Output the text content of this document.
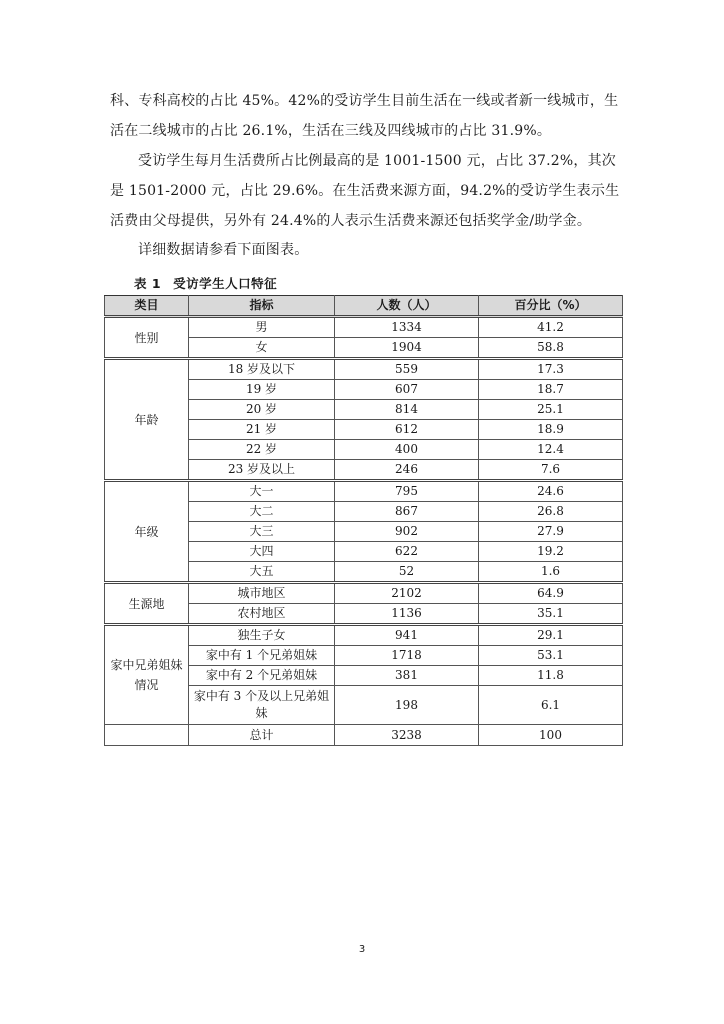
科、专科高校的占比 45%。42%的受访学生目前生活在一线或者新一线城市，生活在二线城市的占比 26.1%，生活在三线及四线城市的占比 31.9%。

受访学生每月生活费所占比例最高的是 1001-1500 元，占比 37.2%，其次是 1501-2000 元，占比 29.6%。在生活费来源方面，94.2%的受访学生表示生活费由父母提供，另外有 24.4%的人表示生活费来源还包括奖学金/助学金。

详细数据请参看下面图表。

表 1 受访学生人口特征
类目	指标	人数（人）	百分比（%）
性别	男	1334	41.2
	女	1904	58.8
年龄	18 岁及以下	559	17.3
	19 岁	607	18.7
	20 岁	814	25.1
	21 岁	612	18.9
	22 岁	400	12.4
	23 岁及以上	246	7.6
年级	大一	795	24.6
	大二	867	26.8
	大三	902	27.9
	大四	622	19.2
	大五	52	1.6
生源地	城市地区	2102	64.9
	农村地区	1136	35.1
家中兄弟姐妹情况	独生子女	941	29.1
	家中有 1 个兄弟姐妹	1718	53.1
	家中有 2 个兄弟姐妹	381	11.8
	家中有 3 个及以上兄弟姐妹	198	6.1
	总计	3238	100
3
